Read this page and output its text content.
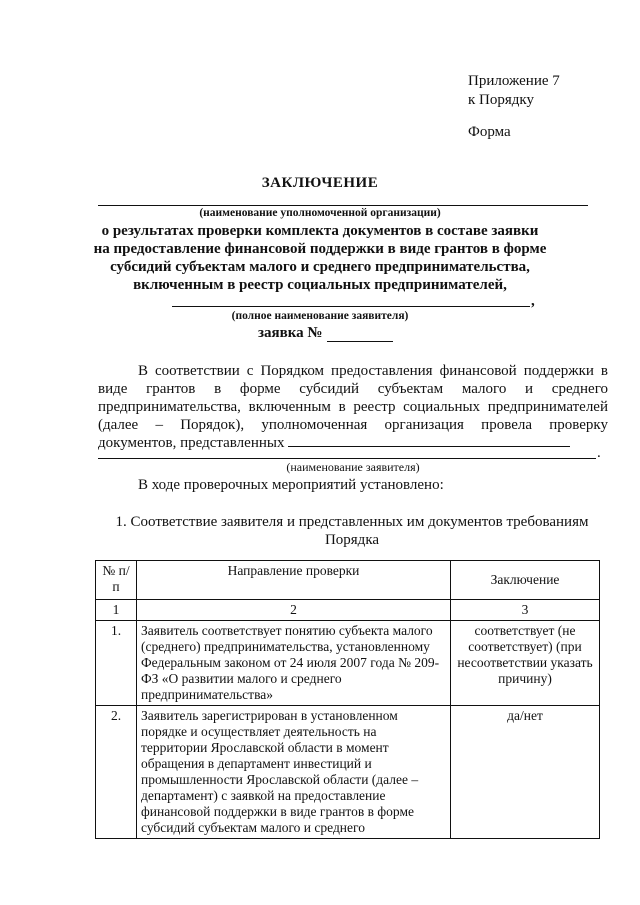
Приложение 7
к Порядку
Форма
ЗАКЛЮЧЕНИЕ
(наименование уполномоченной организации)
о результатах проверки комплекта документов в составе заявки
на предоставление финансовой поддержки в виде грантов в форме
субсидий субъектам малого и среднего предпринимательства,
включенным в реестр социальных предпринимателей,
,
(полное наименование заявителя)
заявка №
В соответствии с Порядком предоставления финансовой поддержки в виде грантов в форме субсидий субъектам малого и среднего предпринимательства, включенным в реестр социальных предпринимателей (далее – Порядок), уполномоченная организация провела проверку документов, представленных
.
(наименование заявителя)
В ходе проверочных мероприятий установлено:
1. Соответствие заявителя и представленных им документов требованиям
Порядка
№ п/п	Направление проверки	Заключение
1	2	3
1.	Заявитель соответствует понятию субъекта малого (среднего) предпринимательства, установленному Федеральным законом от 24 июля 2007 года № 209-ФЗ «О развитии малого и среднего предпринимательства»	соответствует (не соответствует) (при несоответствии указать причину)
2.	Заявитель зарегистрирован в установленном порядке и осуществляет деятельность на территории Ярославской области в момент обращения в департамент инвестиций и промышленности Ярославской области (далее – департамент) с заявкой на предоставление финансовой поддержки в виде грантов в форме субсидий субъектам малого и среднего	да/нет
